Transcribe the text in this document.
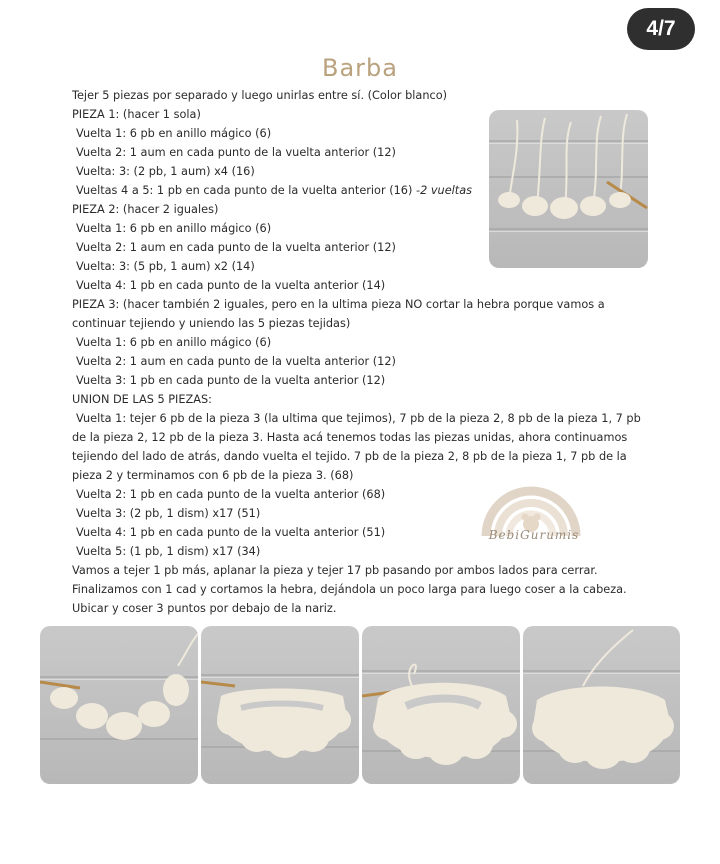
4/7
Barba
Tejer 5 piezas por separado y luego unirlas entre sí. (Color blanco)
PIEZA 1: (hacer 1 sola)
Vuelta 1: 6 pb en anillo mágico (6)
Vuelta 2: 1 aum en cada punto de la vuelta anterior (12)
Vuelta: 3: (2 pb, 1 aum) x4 (16)
Vueltas 4 a 5: 1 pb en cada punto de la vuelta anterior (16) -2 vueltas
PIEZA 2: (hacer 2 iguales)
Vuelta 1: 6 pb en anillo mágico (6)
Vuelta 2: 1 aum en cada punto de la vuelta anterior (12)
Vuelta: 3: (5 pb, 1 aum) x2 (14)
Vuelta 4: 1 pb en cada punto de la vuelta anterior (14)
PIEZA 3: (hacer también 2 iguales, pero en la ultima pieza NO cortar la hebra porque vamos a
continuar tejiendo y uniendo las 5 piezas tejidas)
Vuelta 1: 6 pb en anillo mágico (6)
Vuelta 2: 1 aum en cada punto de la vuelta anterior (12)
Vuelta 3: 1 pb en cada punto de la vuelta anterior (12)
UNION DE LAS 5 PIEZAS:
Vuelta 1: tejer 6 pb de la pieza 3 (la ultima que tejimos), 7 pb de la pieza 2, 8 pb de la pieza 1, 7 pb
de la pieza 2, 12 pb de la pieza 3. Hasta acá tenemos todas las piezas unidas, ahora continuamos
tejiendo del lado de atrás, dando vuelta el tejido. 7 pb de la pieza 2, 8 pb de la pieza 1, 7 pb de la
pieza 2 y terminamos con 6 pb de la pieza 3. (68)
Vuelta 2: 1 pb en cada punto de la vuelta anterior (68)
Vuelta 3: (2 pb, 1 dism) x17 (51)
Vuelta 4: 1 pb en cada punto de la vuelta anterior (51)
Vuelta 5: (1 pb, 1 dism) x17 (34)
Vamos a tejer 1 pb más, aplanar la pieza y tejer 17 pb pasando por ambos lados para cerrar.
Finalizamos con 1 cad y cortamos la hebra, dejándola un poco larga para luego coser a la cabeza.
Ubicar y coser 3 puntos por debajo de la nariz.
BebiGurumis
